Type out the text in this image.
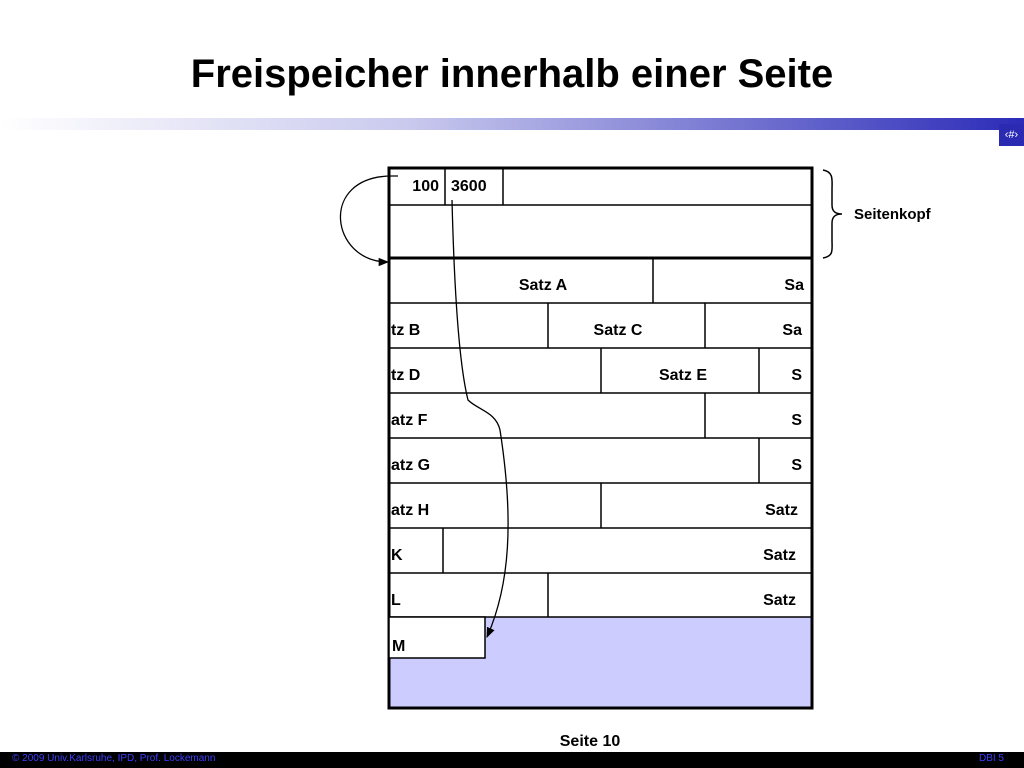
Freispeicher innerhalb einer Seite
‹#›
100 3600
Satz A	Sa
tz B	Satz C	Sa
tz D	Satz E	S
atz F	S
atz G	S
atz H	Satz
K	Satz
L	Satz
M
Seitenkopf
Seite 10
© 2009 Univ.Karlsruhe, IPD, Prof. Lockemann	DBI 5
